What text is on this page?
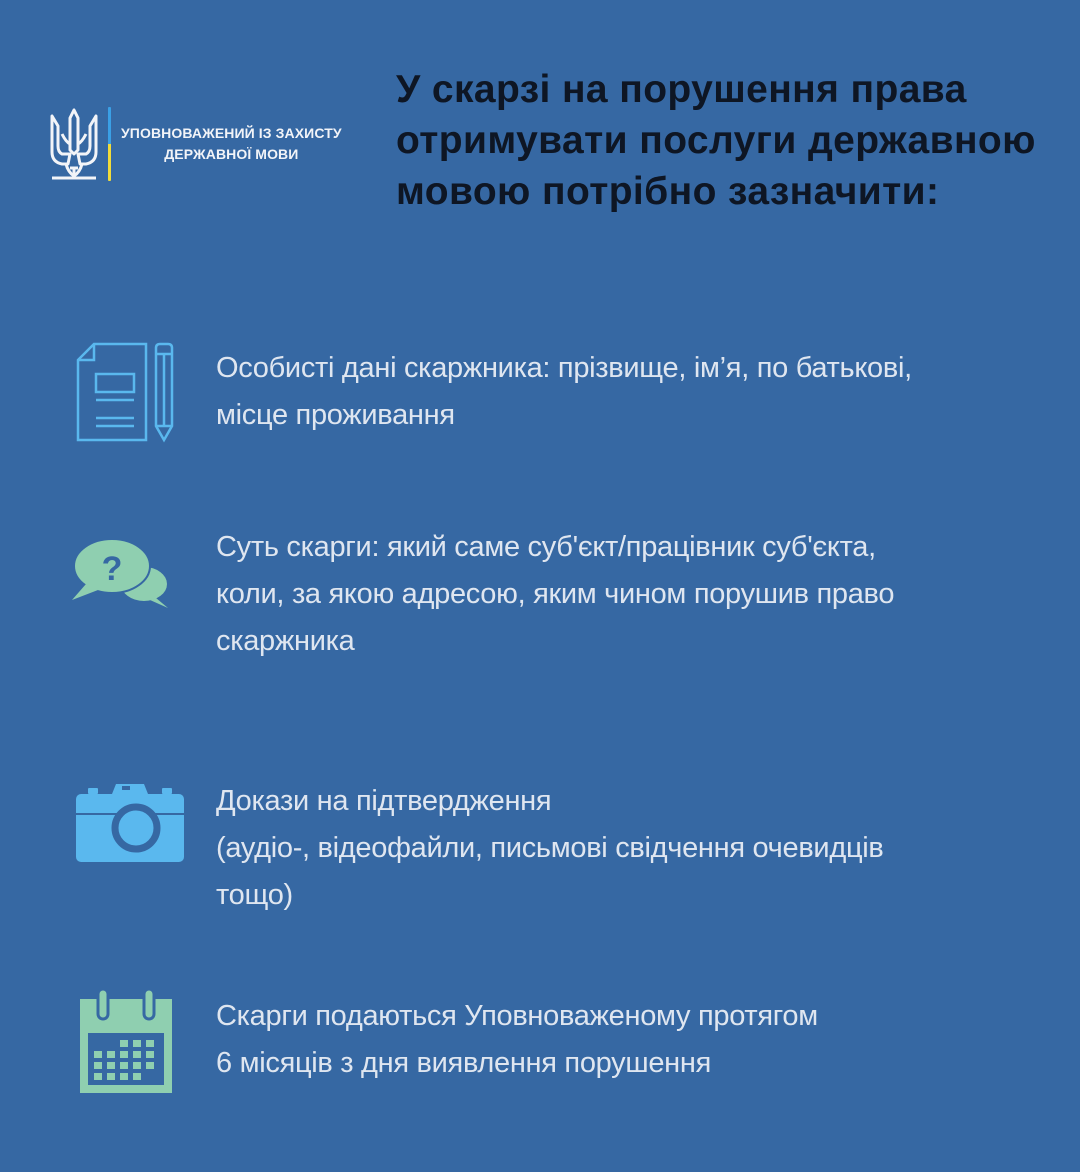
УПОВНОВАЖЕНИЙ ІЗ ЗАХИСТУ
ДЕРЖАВНОЇ МОВИ
У скарзі на порушення права
отримувати послуги державною
мовою потрібно зазначити:
Особисті дані скаржника: прізвище, ім’я, по батькові,
місце проживання
?
Суть скарги: який саме суб'єкт/працівник суб'єкта,
коли, за якою адресою, яким чином порушив право
скаржника
Докази на підтвердження
(аудіо-, відеофайли, письмові свідчення очевидців
тощо)
Скарги подаються Уповноваженому протягом
6 місяців з дня виявлення порушення
